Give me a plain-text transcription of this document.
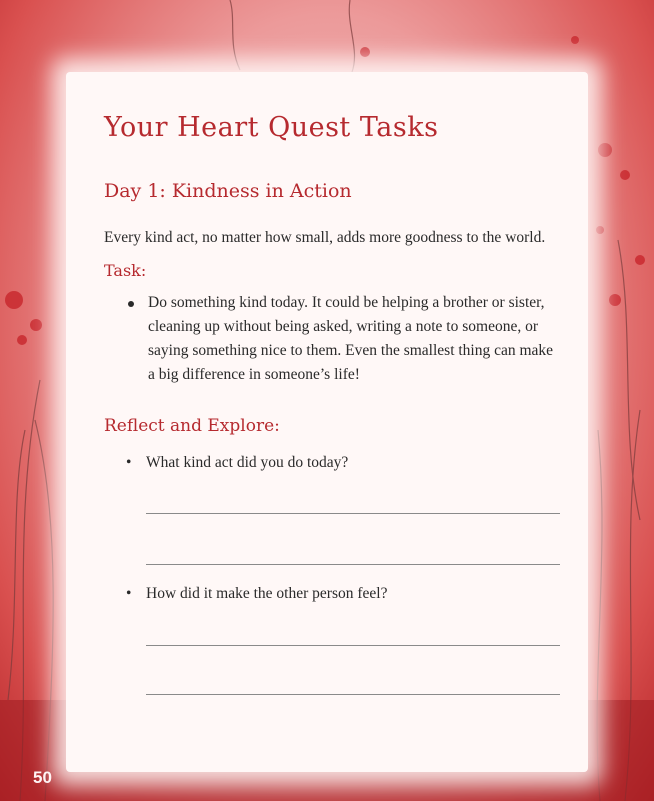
Your Heart Quest Tasks
Day 1: Kindness in Action

Every kind act, no matter how small, adds more goodness to the world.

Task:
Do something kind today. It could be helping a brother or sister, cleaning up without being asked, writing a note to someone, or saying something nice to them. Even the smallest thing can make a big difference in someone’s life!
Reflect and Explore:

• What kind act did you do today?

• How did it make the other person feel?

50
